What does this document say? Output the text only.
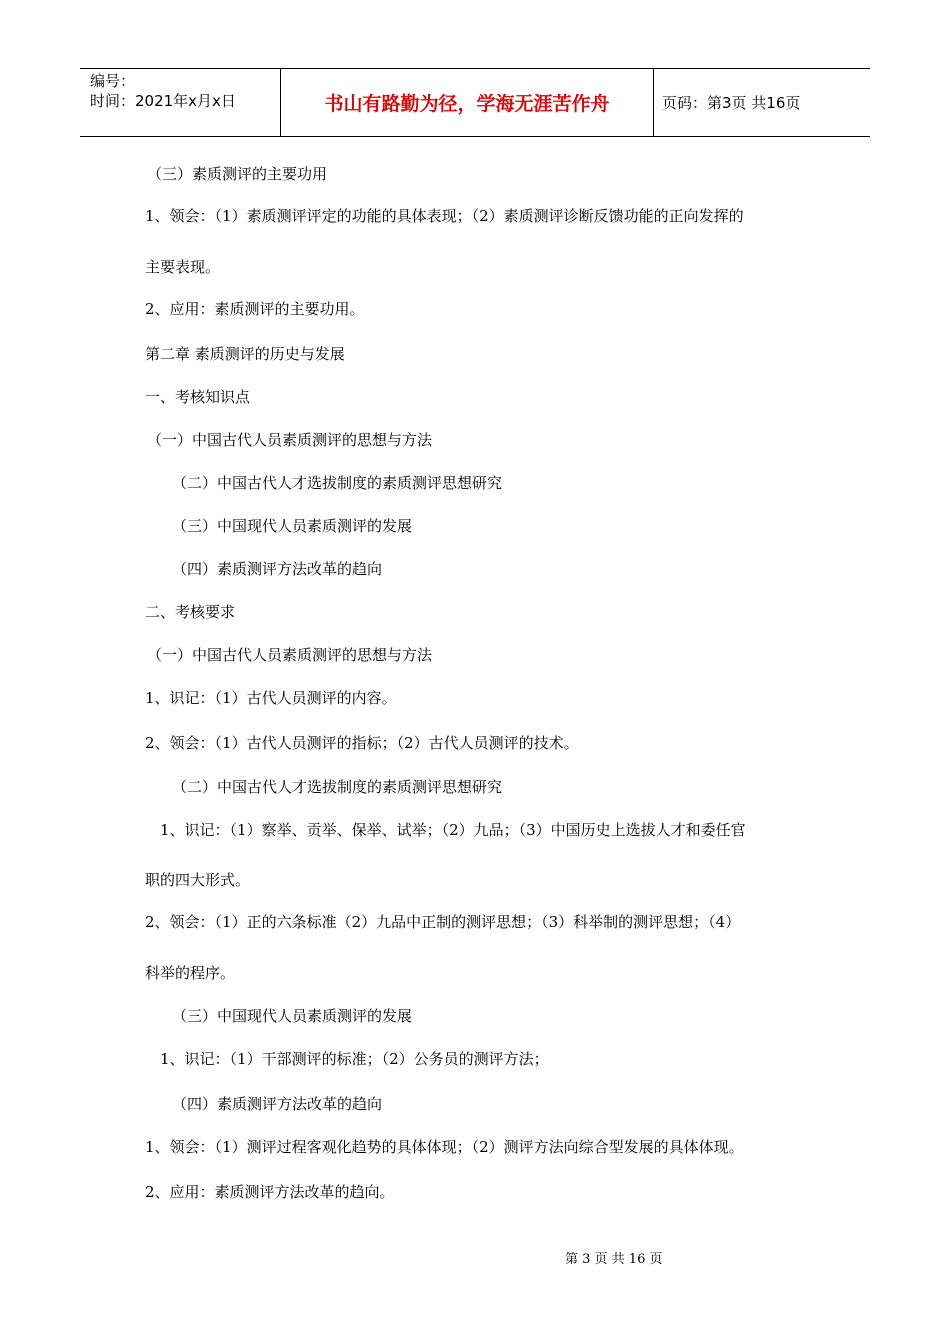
编号：
时间：2021年x月x日	书山有路勤为径，学海无涯苦作舟	页码：第3页 共16页
（三）素质测评的主要功用
1、领会：（1）素质测评评定的功能的具体表现；（2）素质测评诊断反馈功能的正向发挥的
主要表现。
2、应用：素质测评的主要功用。
第二章 素质测评的历史与发展
一、考核知识点
（一）中国古代人员素质测评的思想与方法
（二）中国古代人才选拔制度的素质测评思想研究
（三）中国现代人员素质测评的发展
（四）素质测评方法改革的趋向
二、考核要求
（一）中国古代人员素质测评的思想与方法
1、识记：（1）古代人员测评的内容。
2、领会：（1）古代人员测评的指标；（2）古代人员测评的技术。
（二）中国古代人才选拔制度的素质测评思想研究
1、识记：（1）察举、贡举、保举、试举；（2）九品；（3）中国历史上选拔人才和委任官
职的四大形式。
2、领会：（1）正的六条标准（2）九品中正制的测评思想；（3）科举制的测评思想；（4）
科举的程序。
（三）中国现代人员素质测评的发展
1、识记：（1）干部测评的标准；（2）公务员的测评方法；
（四）素质测评方法改革的趋向
1、领会：（1）测评过程客观化趋势的具体体现；（2）测评方法向综合型发展的具体体现。
2、应用：素质测评方法改革的趋向。
第 3 页 共 16 页
